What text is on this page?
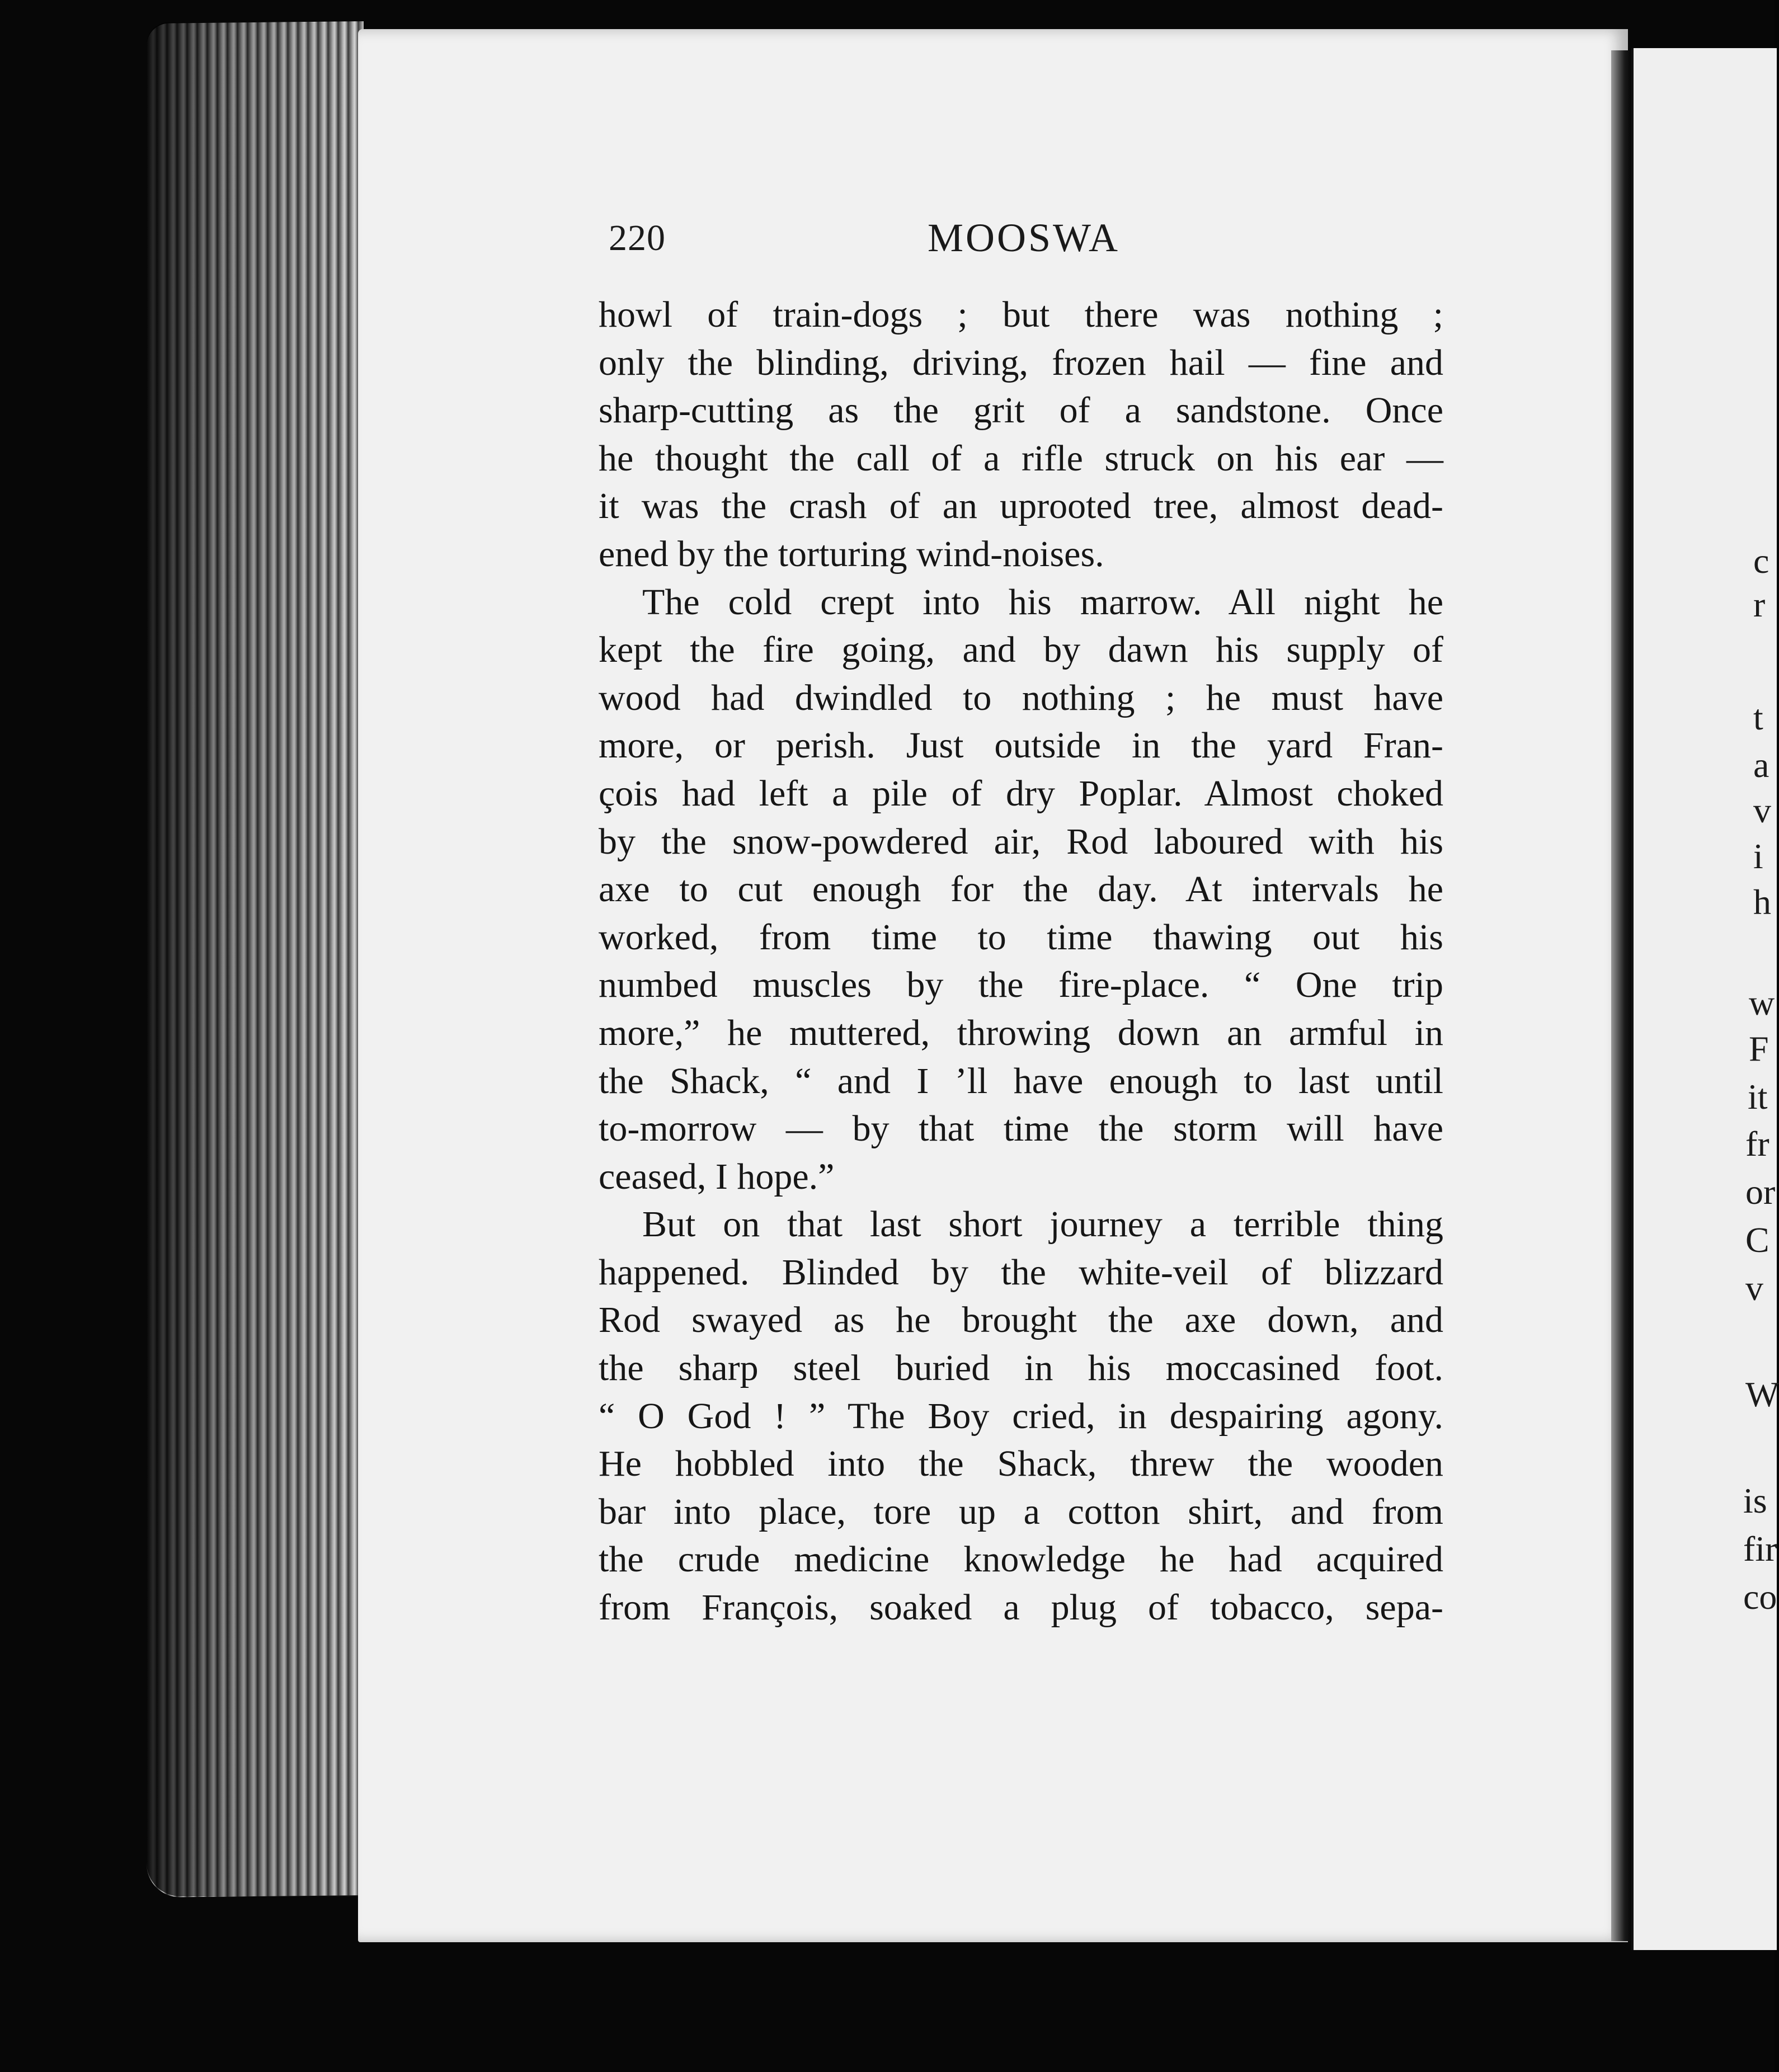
c
r
t
a
v
i
h
w
F
it
fr
or
C
v
W
is
fir
co
220	MOOSWA
howl of train-dogs ; but there was nothing ;
only the blinding, driving, frozen hail — fine and
sharp-cutting as the grit of a sandstone. Once
he thought the call of a rifle struck on his ear —
it was the crash of an uprooted tree, almost dead-
ened by the torturing wind-noises.
The cold crept into his marrow. All night he
kept the fire going, and by dawn his supply of
wood had dwindled to nothing ; he must have
more, or perish. Just outside in the yard Fran-
çois had left a pile of dry Poplar. Almost choked
by the snow-powdered air, Rod laboured with his
axe to cut enough for the day. At intervals he
worked, from time to time thawing out his
numbed muscles by the fire-place. “ One trip
more,” he muttered, throwing down an armful in
the Shack, “ and I ’ll have enough to last until
to-morrow — by that time the storm will have
ceased, I hope.”
But on that last short journey a terrible thing
happened. Blinded by the white-veil of blizzard
Rod swayed as he brought the axe down, and
the sharp steel buried in his moccasined foot.
“ O God ! ” The Boy cried, in despairing agony.
He hobbled into the Shack, threw the wooden
bar into place, tore up a cotton shirt, and from
the crude medicine knowledge he had acquired
from François, soaked a plug of tobacco, sepa-
